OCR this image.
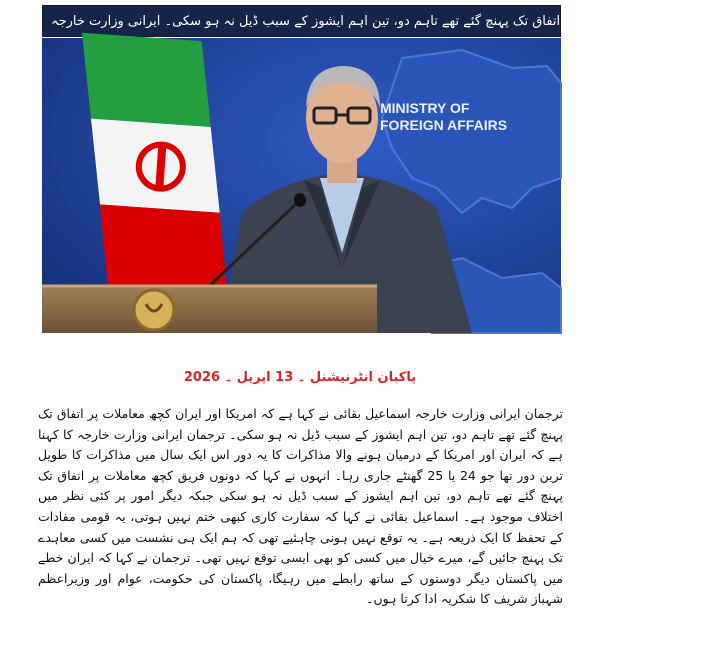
کچھ معاملات پر اتفاق تک پہنچ گئے تھے تاہم دو، تین اہم ایشوز کے سبب ڈیل نہ ہو سکی۔ ایرانی وزارت خارجہ پاکبان
MINISTRY OF
FOREIGN AFFAIRS
پاکبان انٹرنیشنل ۔ 13 اپریل ۔ 2026
ترجمان ایرانی وزارت خارجہ اسماعیل بقائی نے کہا ہے کہ امریکا اور ایران کچھ معاملات پر اتفاق تک پہنچ گئے تھے تاہم دو، تین اہم ایشوز کے سبب ڈیل نہ ہو سکی۔ ترجمان ایرانی وزارت خارجہ کا کہنا ہے کہ ایران اور امریکا کے درمیان ہونے والا مذاکرات کا یہ دور اس ایک سال میں مذاکرات کا طویل ترین دور تھا جو 24 یا 25 گھنٹے جاری رہا۔ انہوں نے کہا کہ دونوں فریق کچھ معاملات پر اتفاق تک پہنچ گئے تھے تاہم دو، تین اہم ایشوز کے سبب ڈیل نہ ہو سکی جبکہ دیگر امور پر کئی نظر میں اختلاف موجود ہے۔ اسماعیل بقائی نے کہا کہ سفارت کاری کبھی ختم نہیں ہوتی، یہ قومی مفادات کے تحفظ کا ایک ذریعہ ہے۔ یہ توقع نہیں ہونی چاہئیے تھی کہ ہم ایک ہی نشست میں کسی معاہدے تک پہنچ جائیں گے، میرے خیال میں کسی کو بھی ایسی توقع نہیں تھی۔ ترجمان نے کہا کہ ایران خطے میں پاکستان دیگر دوستوں کے ساتھ رابطے میں رہیگا، پاکستان کی حکومت، عوام اور وزیراعظم شہباز شریف کا شکریہ ادا کرتا ہوں۔
